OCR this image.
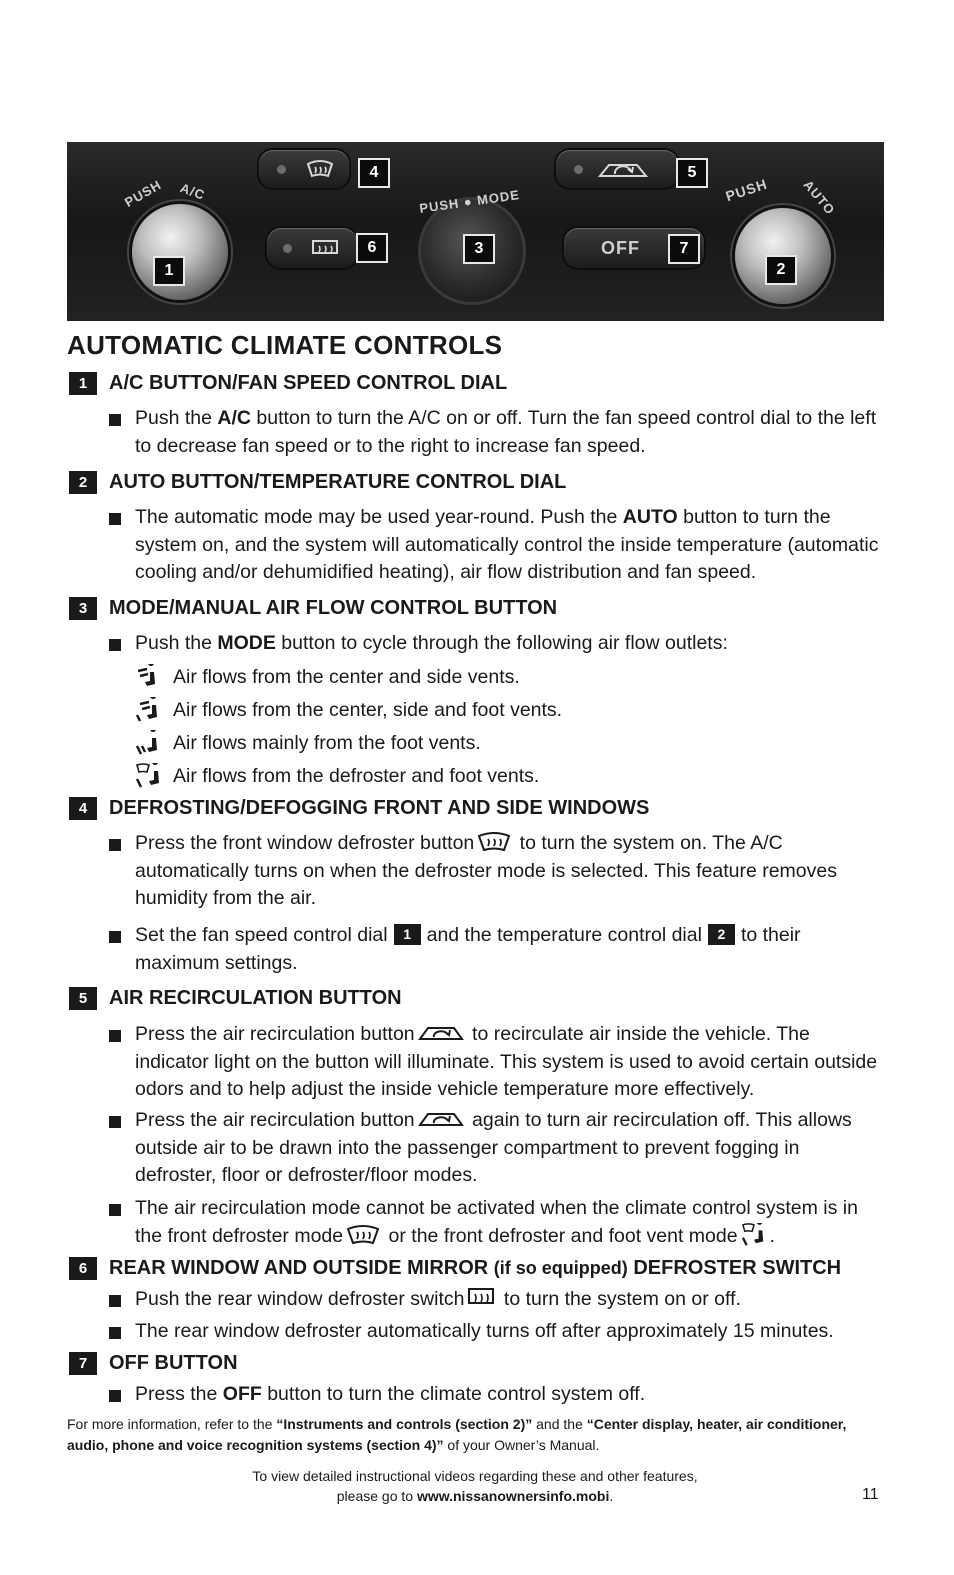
PUSH A/C	PUSH ● MODE
OFF
PUSH AUTO
1	2
3
4	5
6	7
AUTOMATIC CLIMATE CONTROLS
1	A/C BUTTON/FAN SPEED CONTROL DIAL
Push the A/C button to turn the A/C on or off. Turn the fan speed control dial to the left to decrease fan speed or to the right to increase fan speed.
2	AUTO BUTTON/TEMPERATURE CONTROL DIAL
The automatic mode may be used year-round. Push the AUTO button to turn the system on, and the system will automatically control the inside temperature (automatic cooling and/or dehumidified heating), air flow distribution and fan speed.
3	MODE/MANUAL AIR FLOW CONTROL BUTTON
Push the MODE button to cycle through the following air flow outlets:
Air flows from the center and side vents.
Air flows from the center, side and foot vents.
Air flows mainly from the foot vents.
Air flows from the defroster and foot vents.
4	DEFROSTING/DEFOGGING FRONT AND SIDE WINDOWS
Press the front window defroster button to turn the system on. The A/C automatically turns on when the defroster mode is selected. This feature removes humidity from the air.
Set the fan speed control dial 1 and the temperature control dial 2 to their maximum settings.
5	AIR RECIRCULATION BUTTON
Press the air recirculation button	to recirculate air inside the vehicle. The indicator light on the button will illuminate. This system is used to avoid certain outside odors and to help adjust the inside vehicle temperature more effectively.
Press the air recirculation button	again to turn air recirculation off. This allows outside air to be drawn into the passenger compartment to prevent fogging in defroster, floor or defroster/floor modes.
The air recirculation mode cannot be activated when the climate control system is in the front defroster mode or the front defroster and foot vent mode .
6	REAR WINDOW AND OUTSIDE MIRROR (if so equipped) DEFROSTER SWITCH
Push the rear window defroster switch to turn the system on or off.
The rear window defroster automatically turns off after approximately 15 minutes.
7	OFF BUTTON
Press the OFF button to turn the climate control system off.
For more information, refer to the “Instruments and controls (section 2)” and the “Center display, heater, air conditioner, audio, phone and voice recognition systems (section 4)” of your Owner’s Manual.
To view detailed instructional videos regarding these and other features,
please go to www.nissanownersinfo.mobi.	11
